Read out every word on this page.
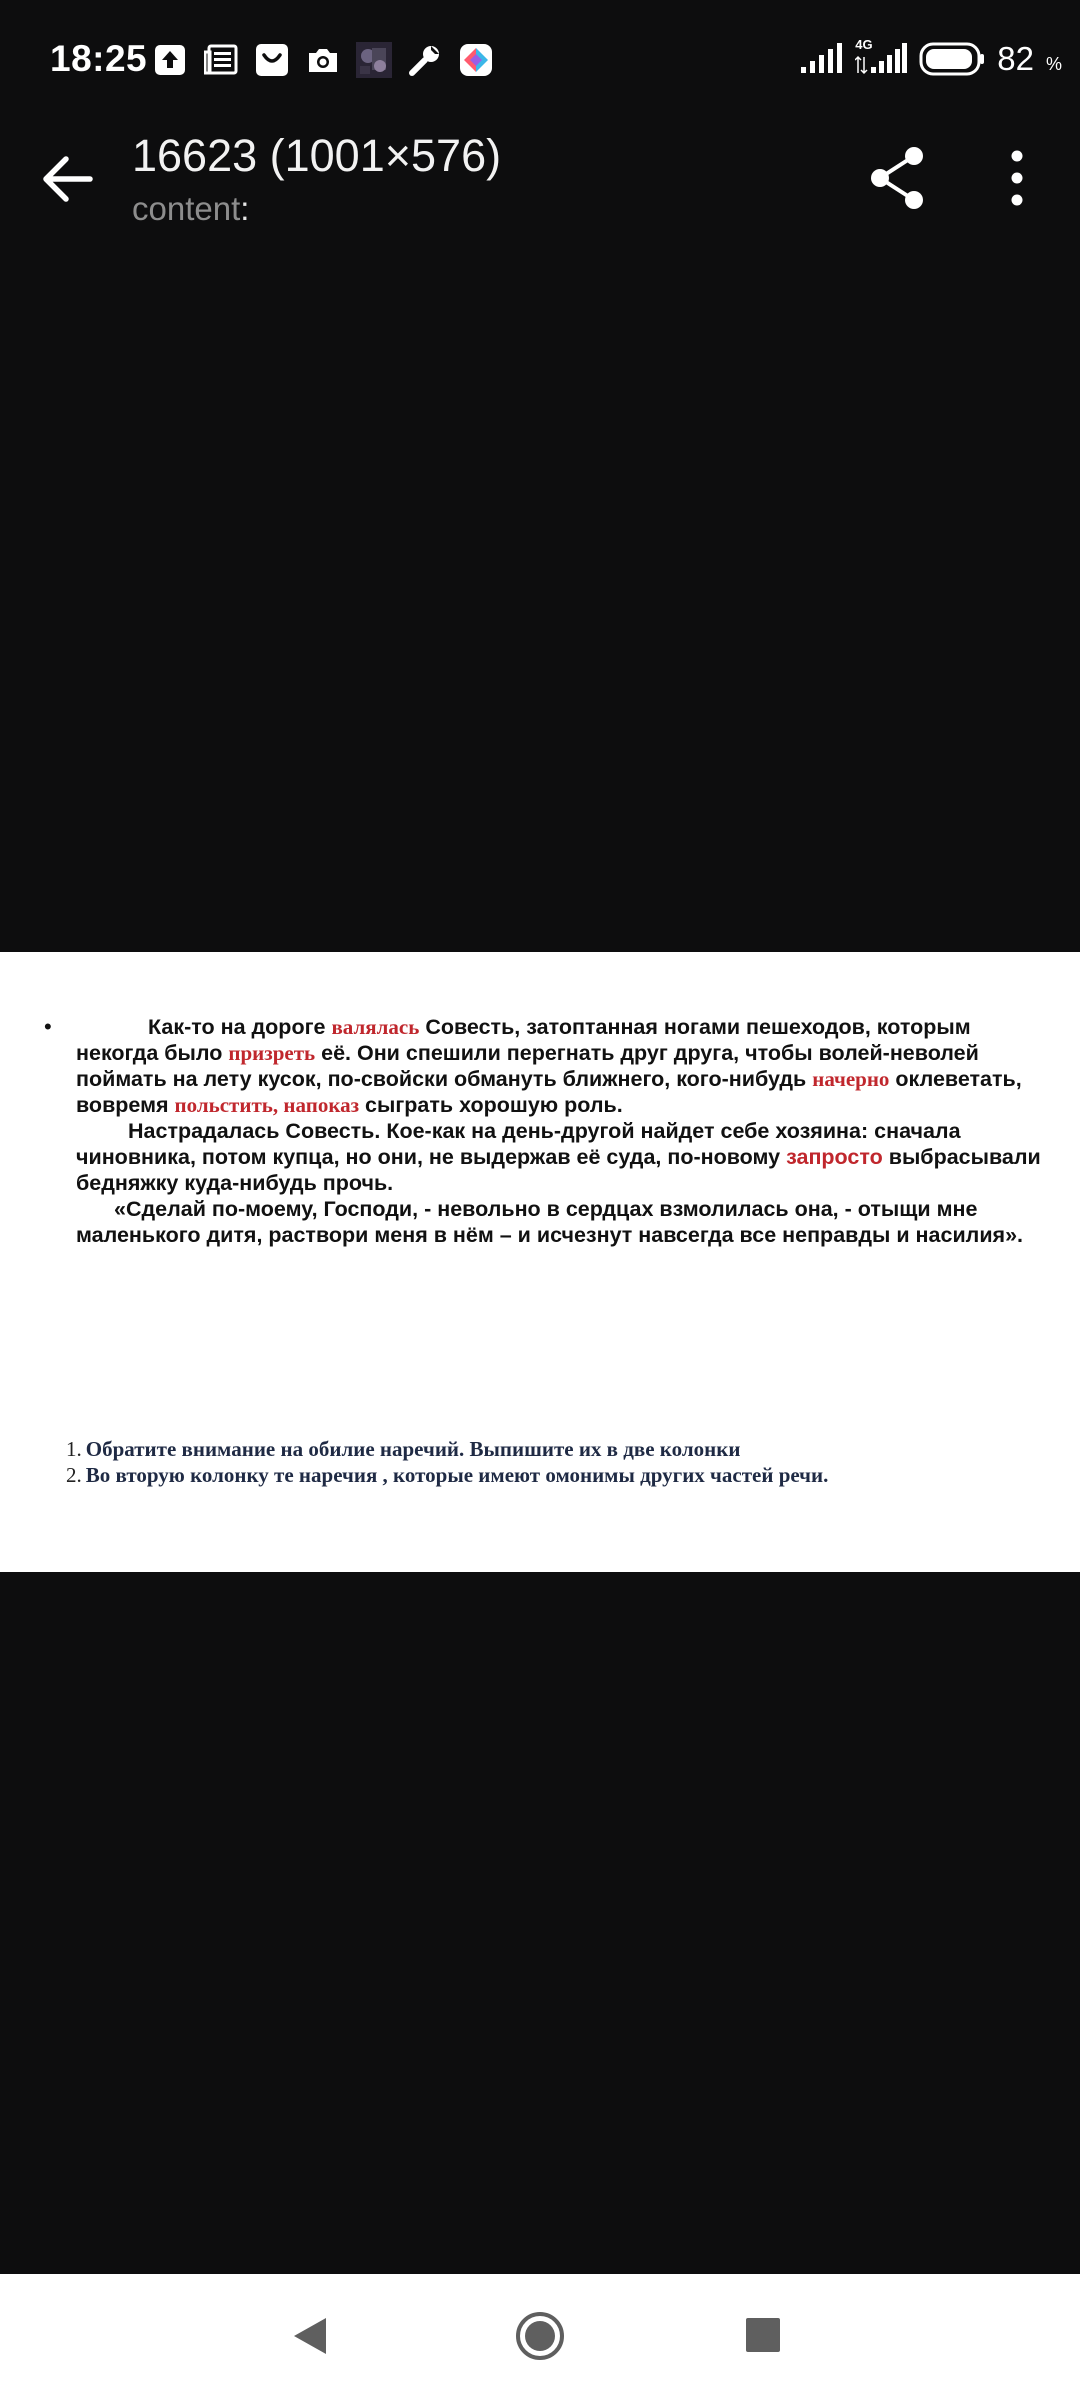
18:25	4G	82 %
16623 (1001×576)
content:
•	Как-то на дороге валялась Совесть, затоптанная ногами пешеходов, которым некогда было призреть её. Они спешили перегнать друг друга, чтобы волей-неволей поймать на лету кусок, по-свойски обмануть ближнего, кого-нибудь начерно оклеветать, вовремя польстить, напоказ сыграть хорошую роль.

Настрадалась Совесть. Кое-как на день-другой найдет себе хозяина: сначала чиновника, потом купца, но они, не выдержав её суда, по-новому запросто выбрасывали бедняжку куда-нибудь прочь.

«Сделай по-моему, Господи, - невольно в сердцах взмолилась она, - отыщи мне маленького дитя, раствори меня в нём – и исчезнут навсегда все неправды и насилия».

1. Обратите внимание на обилие наречий. Выпишите их в две колонки
2. Во вторую колонку те наречия , которые имеют омонимы других частей речи.
